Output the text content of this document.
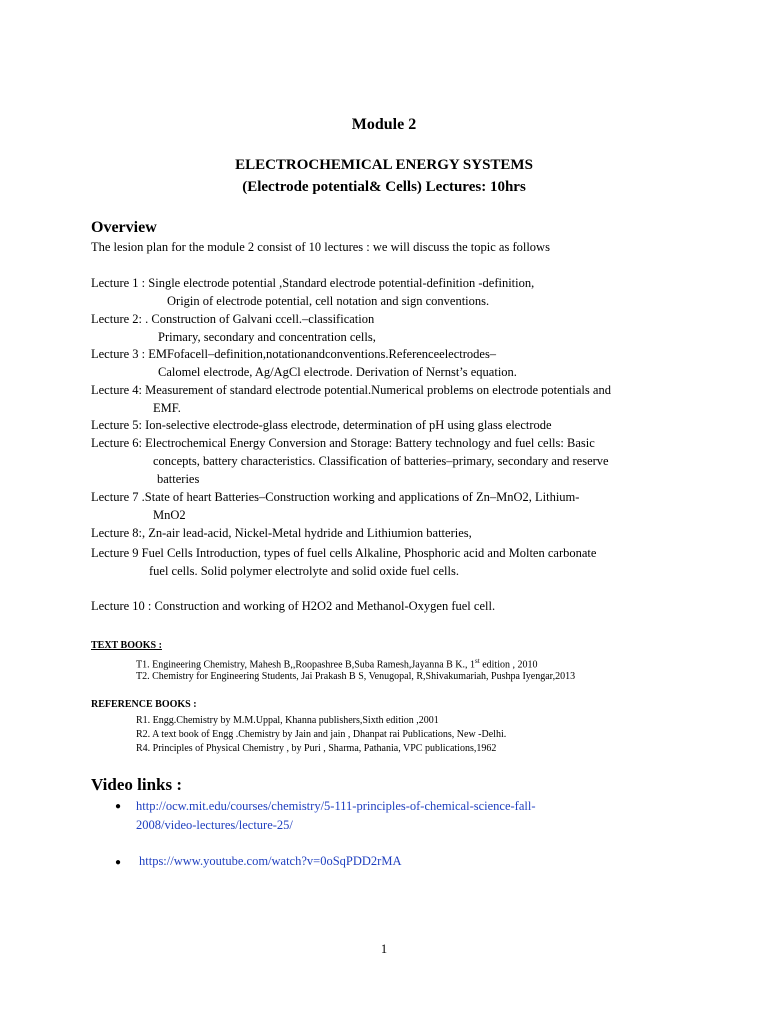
Module 2
ELECTROCHEMICAL ENERGY SYSTEMS
(Electrode potential& Cells) Lectures: 10hrs
Overview
The lesion plan for the module 2 consist of 10 lectures : we will discuss the topic as follows
Lecture 1 : Single electrode potential ,Standard electrode potential-definition -definition,
Origin of electrode potential, cell notation and sign conventions.
Lecture 2: . Construction of Galvani ccell.–classification
Primary, secondary and concentration cells,
Lecture 3 : EMFofacell–definition,notationandconventions.Referenceelectrodes–
Calomel electrode, Ag/AgCl electrode. Derivation of Nernst’s equation.
Lecture 4: Measurement of standard electrode potential.Numerical problems on electrode potentials and
EMF.
Lecture 5: Ion-selective electrode-glass electrode, determination of pH using glass electrode
Lecture 6: Electrochemical Energy Conversion and Storage: Battery technology and fuel cells: Basic
concepts, battery characteristics. Classification of batteries–primary, secondary and reserve
batteries
Lecture 7 .State of heart Batteries–Construction working and applications of Zn–MnO2, Lithium-
MnO2
Lecture 8:, Zn-air lead-acid, Nickel-Metal hydride and Lithiumion batteries,
Lecture 9 Fuel Cells Introduction, types of fuel cells Alkaline, Phosphoric acid and Molten carbonate
fuel cells. Solid polymer electrolyte and solid oxide fuel cells.
Lecture 10 : Construction and working of H2O2 and Methanol-Oxygen fuel cell.
TEXT BOOKS :
T1. Engineering Chemistry, Mahesh B,,Roopashree B,Suba Ramesh,Jayanna B K., 1st edition , 2010
T2. Chemistry for Engineering Students, Jai Prakash B S, Venugopal, R,Shivakumariah, Pushpa Iyengar,2013
REFERENCE BOOKS :
R1. Engg.Chemistry by M.M.Uppal, Khanna publishers,Sixth edition ,2001
R2. A text book of Engg .Chemistry by Jain and jain , Dhanpat rai Publications, New -Delhi.
R4. Principles of Physical Chemistry , by Puri , Sharma, Pathania, VPC publications,1962
Video links :
● http://ocw.mit.edu/courses/chemistry/5-111-principles-of-chemical-science-fall-
2008/video-lectures/lecture-25/
● https://www.youtube.com/watch?v=0oSqPDD2rMA
1
